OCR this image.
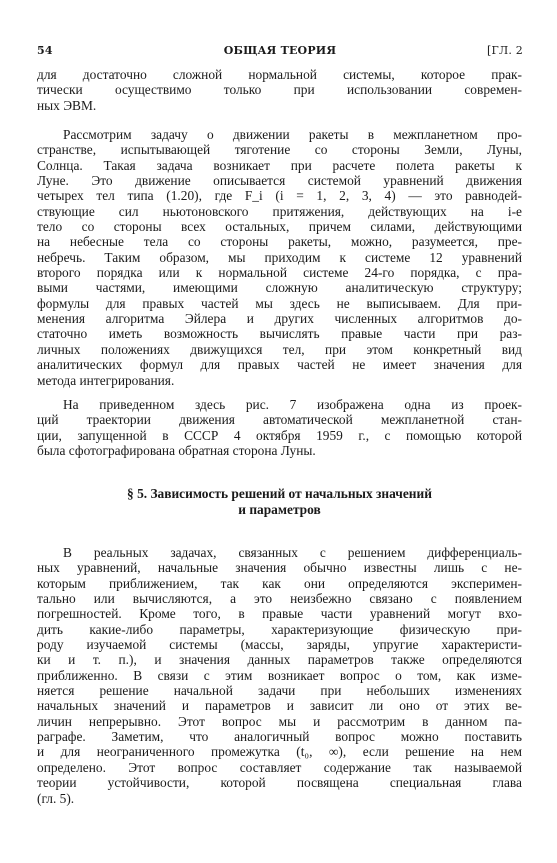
54	ОБЩАЯ ТЕОРИЯ	[ГЛ. 2
для достаточно сложной нормальной системы, которое прак-
тически осуществимо только при использовании современ-
ных ЭВМ.
Рассмотрим задачу о движении ракеты в межпланетном про-
странстве, испытывающей тяготение со стороны Земли, Луны,
Солнца. Такая задача возникает при расчете полета ракеты к
Луне. Это движение описывается системой уравнений движения
четырех тел типа (1.20), где F_i (i = 1, 2, 3, 4) — это равнодей-
ствующие сил ньютоновского притяжения, действующих на i-е
тело со стороны всех остальных, причем силами, действующими
на небесные тела со стороны ракеты, можно, разумеется, пре-
небречь. Таким образом, мы приходим к системе 12 уравнений
второго порядка или к нормальной системе 24-го порядка, с пра-
выми частями, имеющими сложную аналитическую структуру;
формулы для правых частей мы здесь не выписываем. Для при-
менения алгоритма Эйлера и других численных алгоритмов до-
статочно иметь возможность вычислять правые части при раз-
личных положениях движущихся тел, при этом конкретный вид
аналитических формул для правых частей не имеет значения для
метода интегрирования.
На приведенном здесь рис. 7 изображена одна из проек-
ций траектории движения автоматической межпланетной стан-
ции, запущенной в СССР 4 октября 1959 г., с помощью которой
была сфотографирована обратная сторона Луны.
§ 5. Зависимость решений от начальных значений
и параметров
В реальных задачах, связанных с решением дифференциаль-
ных уравнений, начальные значения обычно известны лишь с не-
которым приближением, так как они определяются эксперимен-
тально или вычисляются, а это неизбежно связано с появлением
погрешностей. Кроме того, в правые части уравнений могут вхо-
дить какие-либо параметры, характеризующие физическую при-
роду изучаемой системы (массы, заряды, упругие характеристи-
ки и т. п.), и значения данных параметров также определяются
приближенно. В связи с этим возникает вопрос о том, как изме-
няется решение начальной задачи при небольших изменениях
начальных значений и параметров и зависит ли оно от этих ве-
личин непрерывно. Этот вопрос мы и рассмотрим в данном па-
раграфе. Заметим, что аналогичный вопрос можно поставить
и для неограниченного промежутка (t₀, ∞), если решение на нем
определено. Этот вопрос составляет содержание так называемой
теории устойчивости, которой посвящена специальная глава
(гл. 5).
